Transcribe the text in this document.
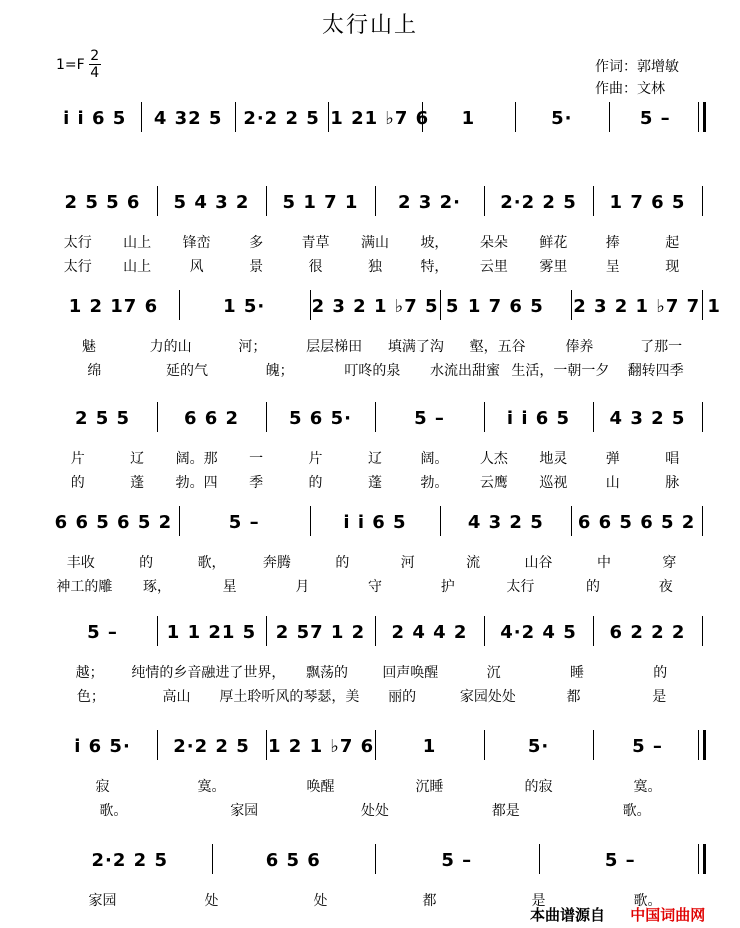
太行山上
1=F
2
4	作词：郭增敏
作曲：文林
i i 6 5	4 32 5	2·2 2 5 1 21 ♭7 6	1	5·	5 –
2 5 5 6	5 4 3 2	5 1 7 1	2 3 2·	2·2 2 5	1 7 6 5
太行	山上	锋峦	多	青草	满山	坡，	朵朵	鲜花	捧	起
太行	山上	风	景	很	独	特，	云里	雾里	呈	现
1 2 17 6	1 5·	2 3 2 1 ♭7 5 5 1 7 6 5	2 3 2 1 ♭7 7 1
魅	力的山	河；	层层梯田	填满了沟	壑，五谷	俸养	了那一
绵	延的气	魄；	叮咚的泉	水流出甜蜜 生活，一朝一夕	翻转四季
2 5 5	6 6 2	5 6 5·	5 –	i i 6 5	4 3 2 5
片	辽	阔。那	一	片	辽	阔。	人杰	地灵	弹	唱
的	蓬	勃。四	季	的	蓬	勃。	云鹰	巡视	山	脉
6 6 5 6 5 2	5 –	i i 6 5	4 3 2 5	6 6 5 6 5 2
丰收	的	歌，	奔腾	的	河	流	山谷	中	穿
神工的雕	琢，	星	月	守	护	太行	的	夜
5 –	1 1 21 5	2 57 1 2	2 4 4 2	4·2 4 5	6 2 2 2
越；	纯情的乡音融进了世界，	飘荡的	回声唤醒	沉	睡	的
色；	高山	厚土聆听风的琴瑟，美	丽的	家园处处	都	是
i 6 5·	2·2 2 5	1 2 1 ♭7 6	1	5·	5 –
寂	寞。	唤醒	沉睡	的寂	寞。
歌。	家园	处处	都是	歌。
2·2 2 5	6 5 6	5 –	5 –
家园	处	处	都	是	歌。
本曲谱源自 中国词曲网
